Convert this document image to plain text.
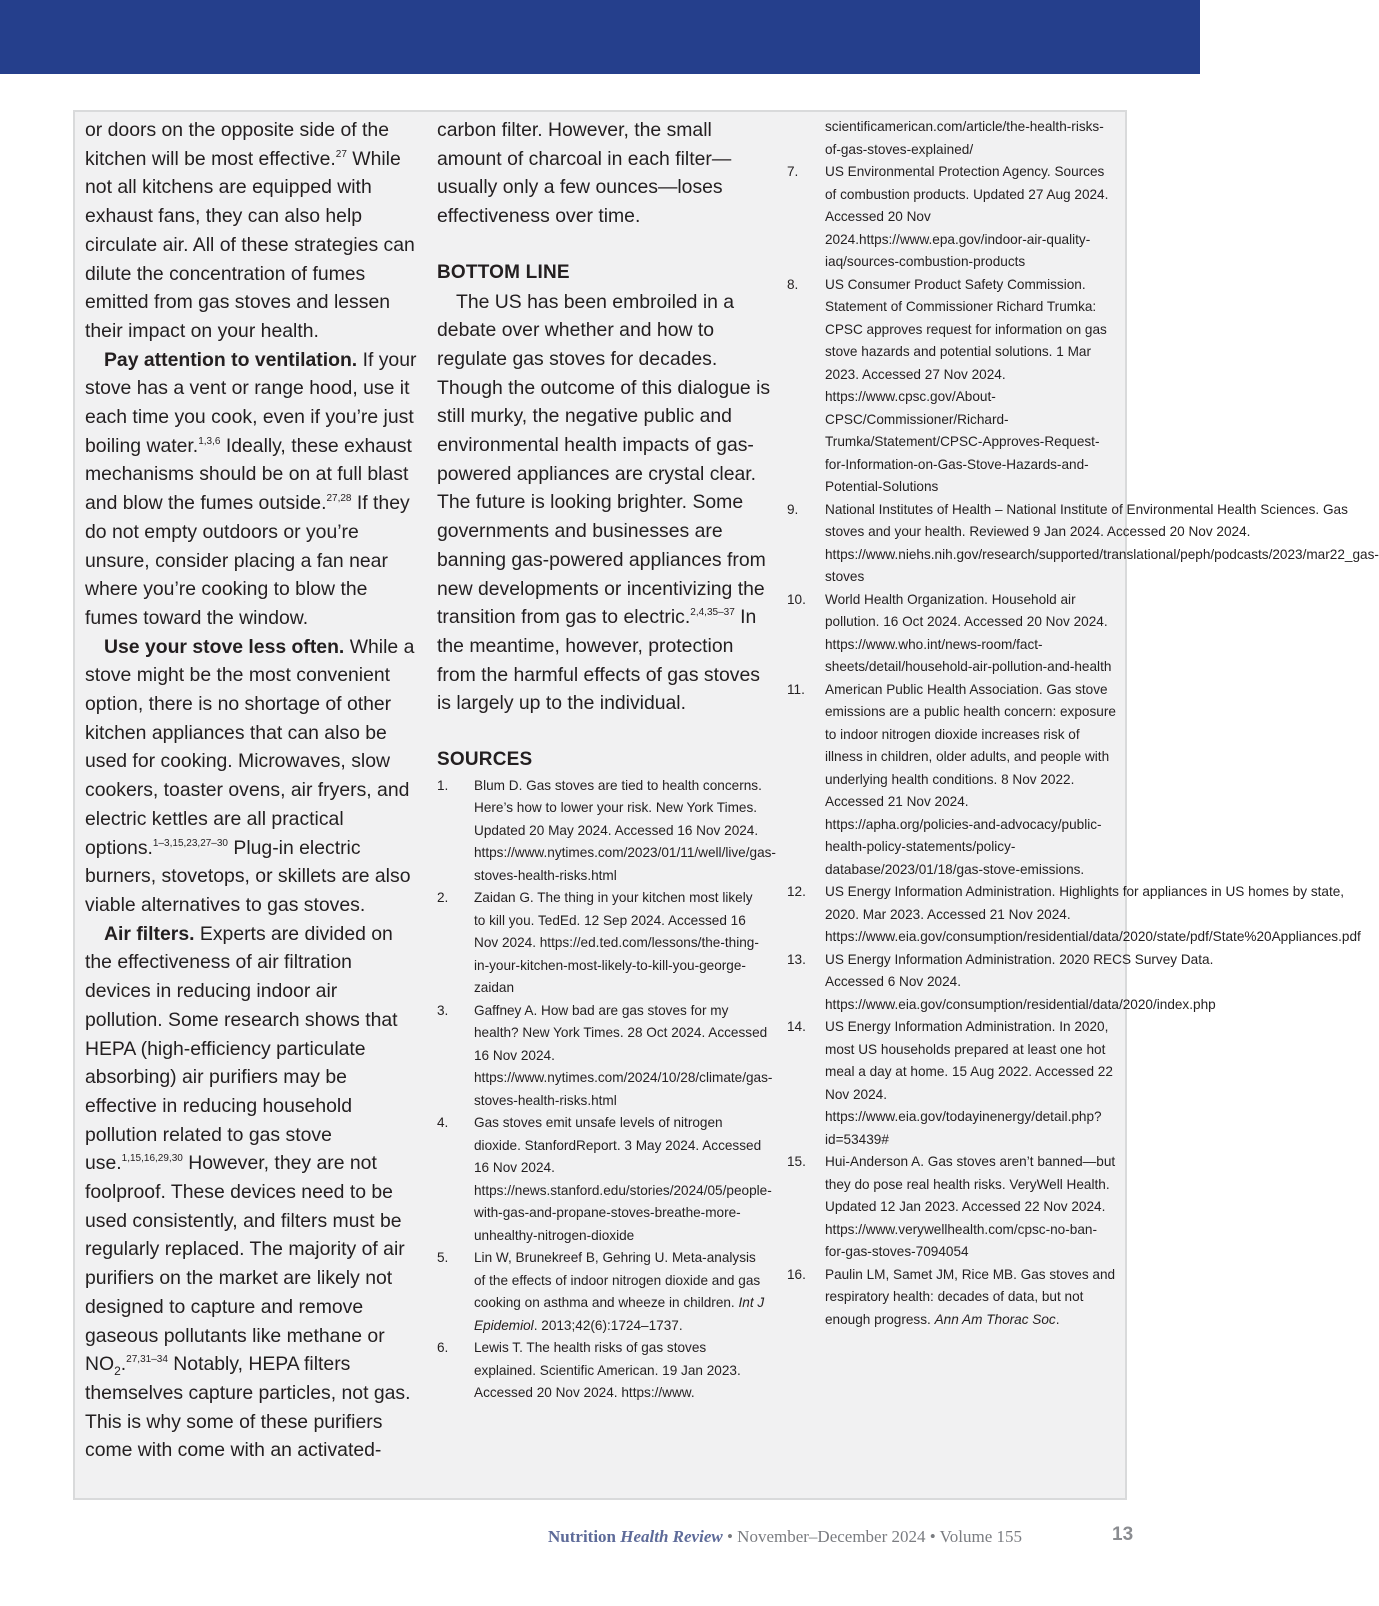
or doors on the opposite side of the kitchen will be most effective.$^{27}$ While not all kitchens are equipped with exhaust fans, they can also help circulate air. All of these strategies can dilute the concentration of fumes emitted from gas stoves and lessen their impact on your health.

Pay attention to ventilation. If your stove has a vent or range hood, use it each time you cook, even if you’re just boiling water.$^{1,3,6}$ Ideally, these exhaust mechanisms should be on at full blast and blow the fumes outside.$^{27,28}$ If they do not empty outdoors or you’re unsure, consider placing a fan near where you’re cooking to blow the fumes toward the window.

Use your stove less often. While a stove might be the most convenient option, there is no shortage of other kitchen appliances that can also be used for cooking. Microwaves, slow cookers, toaster ovens, air fryers, and electric kettles are all practical options.$^{1-3,15,23,27-30}$ Plug-in electric burners, stovetops, or skillets are also viable alternatives to gas stoves.

Air filters. Experts are divided on the effectiveness of air filtration devices in reducing indoor air pollution. Some research shows that HEPA (high-efficiency particulate absorbing) air purifiers may be effective in reducing household pollution related to gas stove use.$^{1,15,16,29,30}$ However, they are not foolproof. These devices need to be used consistently, and filters must be regularly replaced. The majority of air purifiers on the market are likely not designed to capture and remove gaseous pollutants like methane or $NO_2.^{27,31-34}$ Notably, HEPA filters themselves capture particles, not gas. This is why some of these purifiers come with come with an activated-

carbon filter. However, the small amount of charcoal in each filter—usually only a few ounces—loses effectiveness over time.

BOTTOM LINE

The US has been embroiled in a debate over whether and how to regulate gas stoves for decades. Though the outcome of this dialogue is still murky, the negative public and environmental health impacts of gas-powered appliances are crystal clear. The future is looking brighter. Some governments and businesses are banning gas-powered appliances from new developments or incentivizing the transition from gas to electric.$^{2,4,35-37}$ In the meantime, however, protection from the harmful effects of gas stoves is largely up to the individual.

SOURCES

1.	Blum D. Gas stoves are tied to health concerns. Here’s how to lower your risk. New York Times. Updated 20 May 2024. Accessed 16 Nov 2024. https://www.nytimes.com/2023/01/11/well/live/gas-stoves-health-risks.html
2.	Zaidan G. The thing in your kitchen most likely to kill you. TedEd. 12 Sep 2024. Accessed 16 Nov 2024. https://ed.ted.com/lessons/the-thing-in-your-kitchen-most-likely-to-kill-you-george-zaidan
3.	Gaffney A. How bad are gas stoves for my health? New York Times. 28 Oct 2024. Accessed 16 Nov 2024. https://www.nytimes.com/2024/10/28/climate/gas-stoves-health-risks.html
4.	Gas stoves emit unsafe levels of nitrogen dioxide. StanfordReport. 3 May 2024. Accessed 16 Nov 2024. https://news.stanford.edu/stories/2024/05/people-with-gas-and-propane-stoves-breathe-more-unhealthy-nitrogen-dioxide
5.	Lin W, Brunekreef B, Gehring U. Meta-analysis of the effects of indoor nitrogen dioxide and gas cooking on asthma and wheeze in children. Int J Epidemiol. 2013;42(6):1724–1737.
6.	Lewis T. The health risks of gas stoves explained. Scientific American. 19 Jan 2023. Accessed 20 Nov 2024. https://www.
scientificamerican.com/article/the-health-risks-of-gas-stoves-explained/
7.	US Environmental Protection Agency. Sources of combustion products. Updated 27 Aug 2024. Accessed 20 Nov 2024.https://www.epa.gov/indoor-air-quality-iaq/sources-combustion-products
8.	US Consumer Product Safety Commission. Statement of Commissioner Richard Trumka: CPSC approves request for information on gas stove hazards and potential solutions. 1 Mar 2023. Accessed 27 Nov 2024. https://www.cpsc.gov/About-CPSC/Commissioner/Richard-Trumka/Statement/CPSC-Approves-Request-for-Information-on-Gas-Stove-Hazards-and-Potential-Solutions
9.	National Institutes of Health – National Institute of Environmental Health Sciences. Gas stoves and your health. Reviewed 9 Jan 2024. Accessed 20 Nov 2024. https://www.niehs.nih.gov/research/supported/translational/peph/podcasts/2023/mar22_gas-stoves
10.	World Health Organization. Household air pollution. 16 Oct 2024. Accessed 20 Nov 2024. https://www.who.int/news-room/fact-sheets/detail/household-air-pollution-and-health
11.	American Public Health Association. Gas stove emissions are a public health concern: exposure to indoor nitrogen dioxide increases risk of illness in children, older adults, and people with underlying health conditions. 8 Nov 2022. Accessed 21 Nov 2024. https://apha.org/policies-and-advocacy/public-health-policy-statements/policy-database/2023/01/18/gas-stove-emissions.
12.	US Energy Information Administration. Highlights for appliances in US homes by state, 2020. Mar 2023. Accessed 21 Nov 2024. https://www.eia.gov/consumption/residential/data/2020/state/pdf/State%20Appliances.pdf
13.	US Energy Information Administration. 2020 RECS Survey Data. Accessed 6 Nov 2024. https://www.eia.gov/consumption/residential/data/2020/index.php
14.	US Energy Information Administration. In 2020, most US households prepared at least one hot meal a day at home. 15 Aug 2022. Accessed 22 Nov 2024. https://www.eia.gov/todayinenergy/detail.php?id=53439#
15.	Hui-Anderson A. Gas stoves aren’t banned—but they do pose real health risks. VeryWell Health. Updated 12 Jan 2023. Accessed 22 Nov 2024. https://www.verywellhealth.com/cpsc-no-ban-for-gas-stoves-7094054
16.	Paulin LM, Samet JM, Rice MB. Gas stoves and respiratory health: decades of data, but not enough progress. Ann Am Thorac Soc.
Nutrition Health Review • November–December 2024 • Volume 155	13
